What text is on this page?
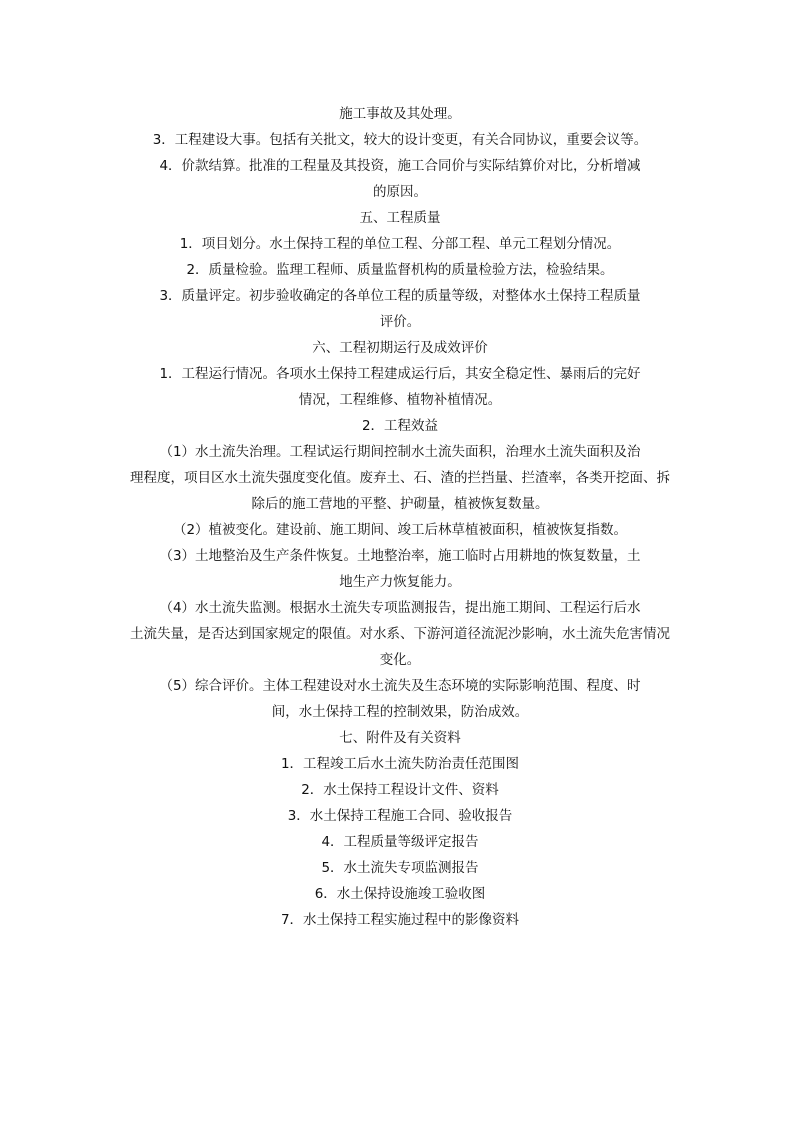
施工事故及其处理。
3．工程建设大事。包括有关批文，较大的设计变更，有关合同协议，重要会议等。
4．价款结算。批准的工程量及其投资，施工合同价与实际结算价对比，分析增减
的原因。
五、工程质量
1．项目划分。水土保持工程的单位工程、分部工程、单元工程划分情况。
2．质量检验。监理工程师、质量监督机构的质量检验方法，检验结果。
3．质量评定。初步验收确定的各单位工程的质量等级，对整体水土保持工程质量
评价。
六、工程初期运行及成效评价
1．工程运行情况。各项水土保持工程建成运行后，其安全稳定性、暴雨后的完好
情况，工程维修、植物补植情况。
2．工程效益
（1）水土流失治理。工程试运行期间控制水土流失面积，治理水土流失面积及治
理程度，项目区水土流失强度变化值。废弃土、石、渣的拦挡量、拦渣率，各类开挖面、拆
除后的施工营地的平整、护砌量，植被恢复数量。
（2）植被变化。建设前、施工期间、竣工后林草植被面积，植被恢复指数。
（3）土地整治及生产条件恢复。土地整治率，施工临时占用耕地的恢复数量，土
地生产力恢复能力。
（4）水土流失监测。根据水土流失专项监测报告，提出施工期间、工程运行后水
土流失量，是否达到国家规定的限值。对水系、下游河道径流泥沙影响，水土流失危害情况
变化。
（5）综合评价。主体工程建设对水土流失及生态环境的实际影响范围、程度、时
间，水土保持工程的控制效果，防治成效。
七、附件及有关资料
1．工程竣工后水土流失防治责任范围图
2．水土保持工程设计文件、资料
3．水土保持工程施工合同、验收报告
4．工程质量等级评定报告
5．水土流失专项监测报告
6．水土保持设施竣工验收图
7．水土保持工程实施过程中的影像资料
